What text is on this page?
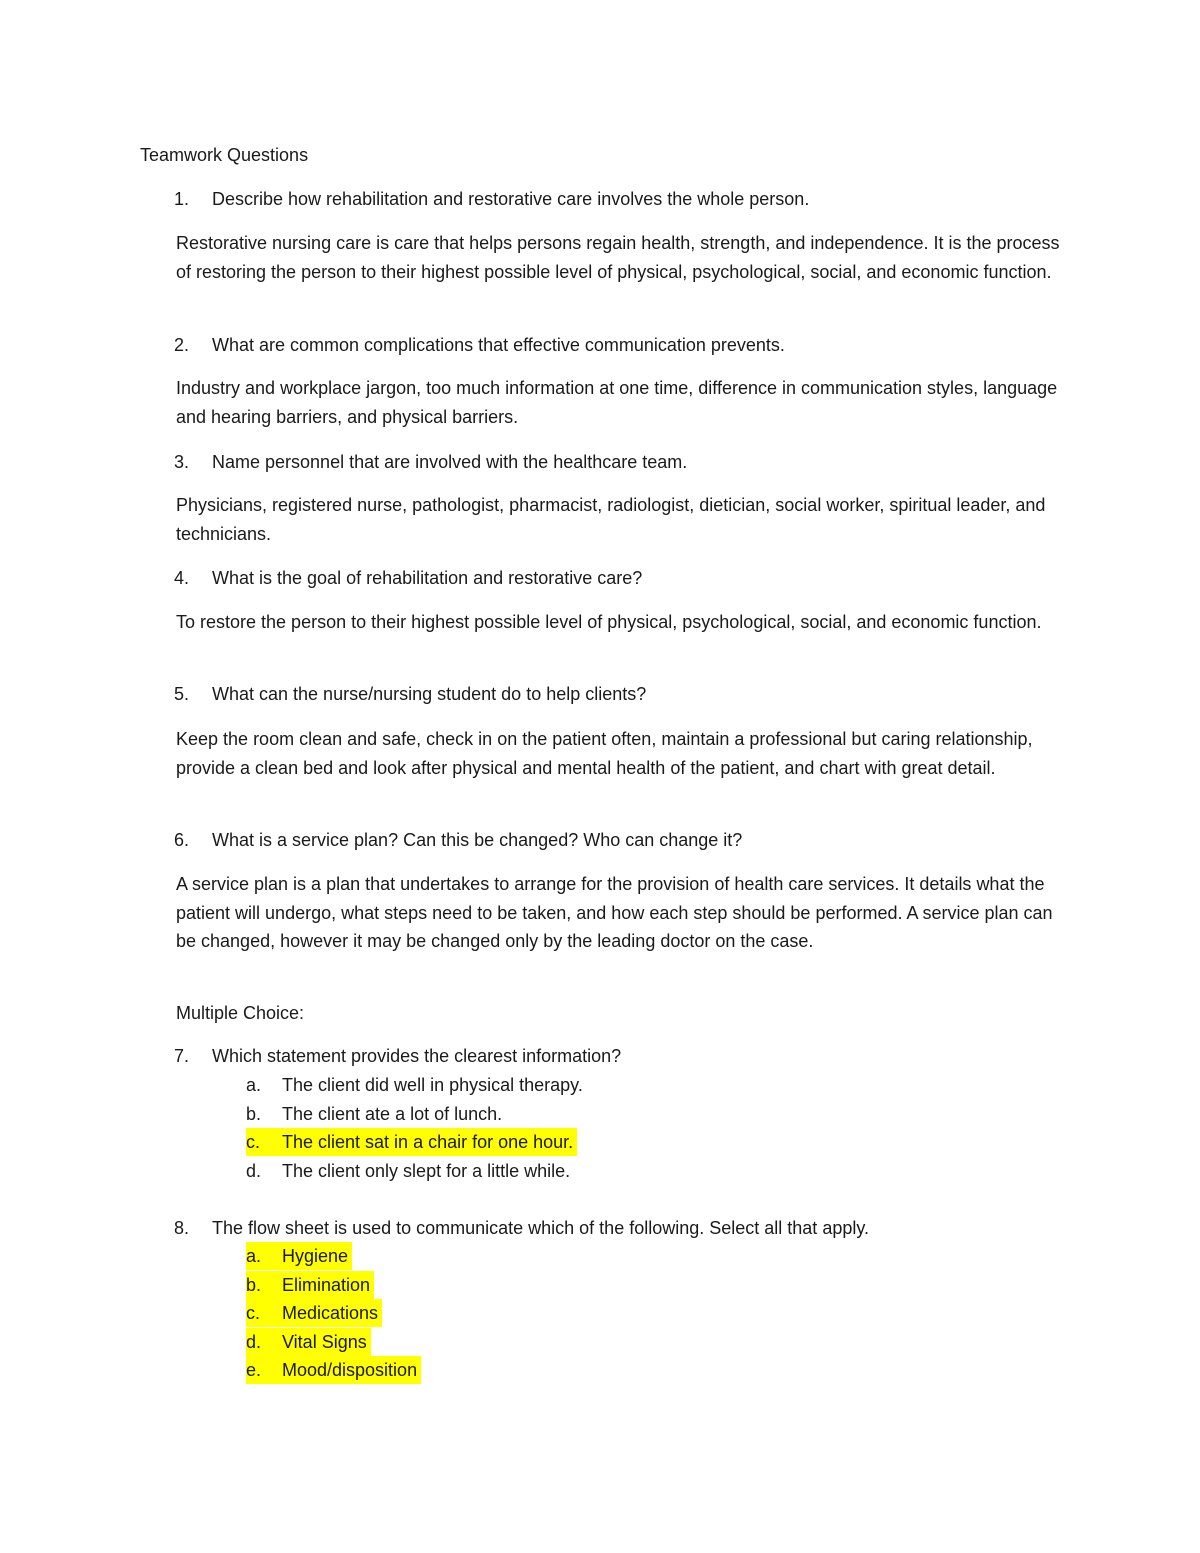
Teamwork Questions
1. Describe how rehabilitation and restorative care involves the whole person.
Restorative nursing care is care that helps persons regain health, strength, and independence. It is the process of restoring the person to their highest possible level of physical, psychological, social, and economic function.
2. What are common complications that effective communication prevents.
Industry and workplace jargon, too much information at one time, difference in communication styles, language and hearing barriers, and physical barriers.
3. Name personnel that are involved with the healthcare team.
Physicians, registered nurse, pathologist, pharmacist, radiologist, dietician, social worker, spiritual leader, and technicians.
4. What is the goal of rehabilitation and restorative care?
To restore the person to their highest possible level of physical, psychological, social, and economic function.
5. What can the nurse/nursing student do to help clients?
Keep the room clean and safe, check in on the patient often, maintain a professional but caring relationship, provide a clean bed and look after physical and mental health of the patient, and chart with great detail.
6. What is a service plan? Can this be changed? Who can change it?
A service plan is a plan that undertakes to arrange for the provision of health care services. It details what the patient will undergo, what steps need to be taken, and how each step should be performed. A service plan can be changed, however it may be changed only by the leading doctor on the case.
Multiple Choice:
7. Which statement provides the clearest information?
a. The client did well in physical therapy.
b. The client ate a lot of lunch.
c. The client sat in a chair for one hour.
d. The client only slept for a little while.
8. The flow sheet is used to communicate which of the following. Select all that apply.
a. Hygiene
b. Elimination
c. Medications
d. Vital Signs
e. Mood/disposition
